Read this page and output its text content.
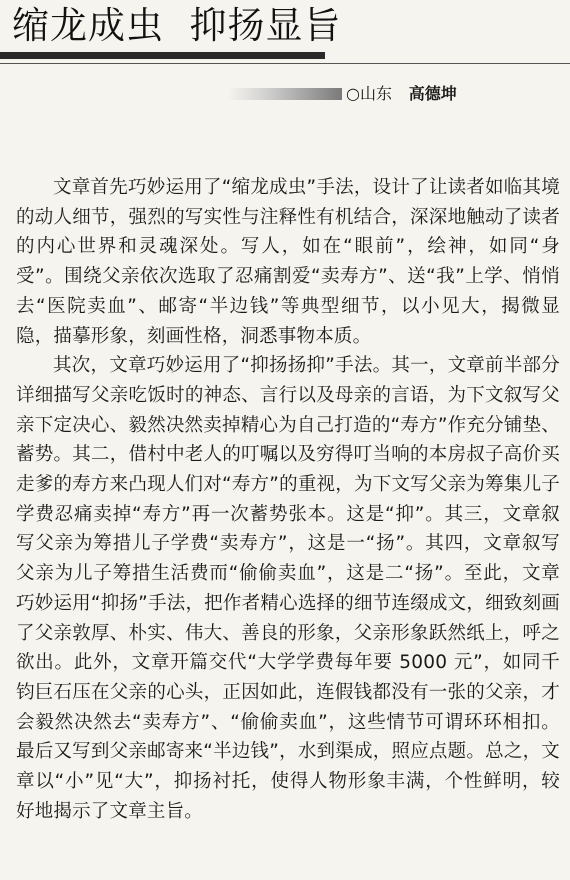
缩龙成虫  抑扬显旨
○山东 高德坤

文章首先巧妙运用了“缩龙成虫”手法，设计了让读者如临其境的动人细节，强烈的写实性与注释性有机结合，深深地触动了读者的内心世界和灵魂深处。写人，如在“眼前”，绘神，如同“身受”。围绕父亲依次选取了忍痛割爱“卖寿方”、送“我”上学、悄悄去“医院卖血”、邮寄“半边钱”等典型细节，以小见大，揭微显隐，描摹形象，刻画性格，洞悉事物本质。

其次，文章巧妙运用了“抑扬扬抑”手法。其一，文章前半部分详细描写父亲吃饭时的神态、言行以及母亲的言语，为下文叙写父亲下定决心、毅然决然卖掉精心为自己打造的“寿方”作充分铺垫、蓄势。其二，借村中老人的叮嘱以及穷得叮当响的本房叔子高价买走爹的寿方来凸现人们对“寿方”的重视，为下文写父亲为筹集儿子学费忍痛卖掉“寿方”再一次蓄势张本。这是“抑”。其三，文章叙写父亲为筹措儿子学费“卖寿方”，这是一“扬”。其四，文章叙写父亲为儿子筹措生活费而“偷偷卖血”，这是二“扬”。至此，文章巧妙运用“抑扬”手法，把作者精心选择的细节连缀成文，细致刻画了父亲敦厚、朴实、伟大、善良的形象，父亲形象跃然纸上，呼之欲出。此外，文章开篇交代“大学学费每年要 5000 元”，如同千钧巨石压在父亲的心头，正因如此，连假钱都没有一张的父亲，才会毅然决然去“卖寿方”、“偷偷卖血”，这些情节可谓环环相扣。最后又写到父亲邮寄来“半边钱”，水到渠成，照应点题。总之，文章以“小”见“大”，抑扬衬托，使得人物形象丰满，个性鲜明，较好地揭示了文章主旨。
